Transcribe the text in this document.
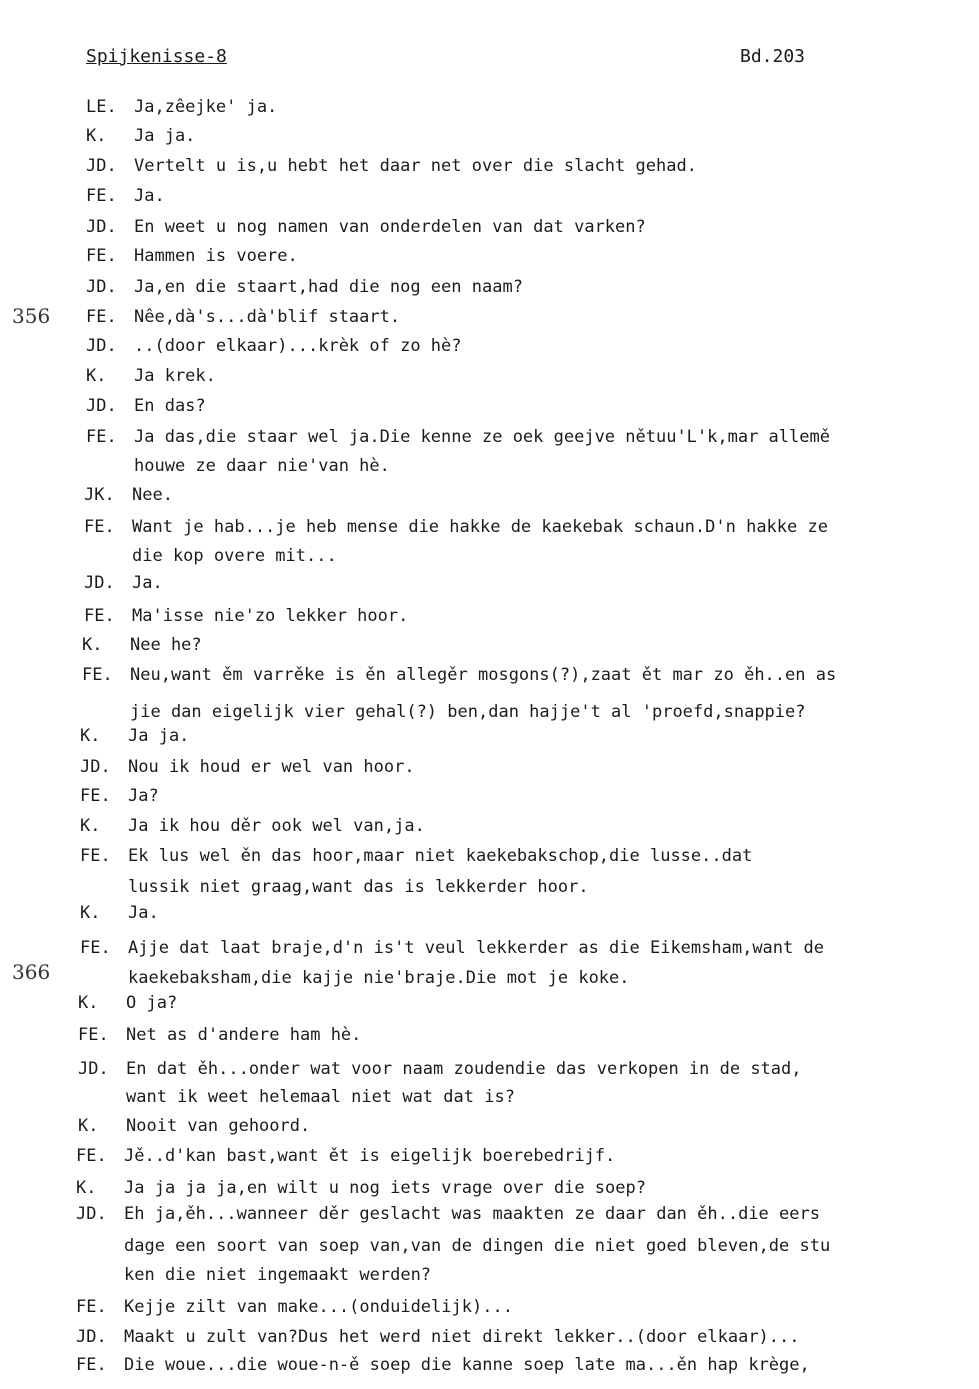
Spijkenisse-8	Bd.203
356
366
LE. Ja,zêejke' ja.
K. Ja ja.
JD. Vertelt u is,u hebt het daar net over die slacht gehad.
FE. Ja.
JD. En weet u nog namen van onderdelen van dat varken?
FE. Hammen is voere.
JD. Ja,en die staart,had die nog een naam?
FE. Nêe,dà's...dà'blif staart.
JD. ..(door elkaar)...krèk of zo hè?
K. Ja krek.
JD. En das?
FE. Ja das,die staar wel ja.Die kenne ze oek geejve nětuu'L'k,mar allemě
houwe ze daar nie'van hè.
JK. Nee.
FE. Want je hab...je heb mense die hakke de kaekebak schaun.D'n hakke ze
die kop overe mit...
JD. Ja.
FE. Ma'isse nie'zo lekker hoor.
K. Nee he?
FE. Neu,want ěm varrěke is ěn allegěr mosgons(?),zaat ět mar zo ěh..en as
jie dan eigelijk vier gehal(?) ben,dan hajje't al 'proefd,snappie?
K. Ja ja.
JD. Nou ik houd er wel van hoor.
FE. Ja?
K. Ja ik hou děr ook wel van,ja.
FE. Ek lus wel ěn das hoor,maar niet kaekebakschop,die lusse..dat
lussik niet graag,want das is lekkerder hoor.
K. Ja.
FE. Ajje dat laat braje,d'n is't veul lekkerder as die Eikemsham,want de
kaekebaksham,die kajje nie'braje.Die mot je koke.
K. O ja?
FE. Net as d'andere ham hè.
JD. En dat ěh...onder wat voor naam zoudendie das verkopen in de stad,
want ik weet helemaal niet wat dat is?
K. Nooit van gehoord.
FE. Jě..d'kan bast,want ět is eigelijk boerebedrijf.
K. Ja ja ja ja,en wilt u nog iets vrage over die soep?
JD. Eh ja,ěh...wanneer děr geslacht was maakten ze daar dan ěh..die eers
dage een soort van soep van,van de dingen die niet goed bleven,de stu
ken die niet ingemaakt werden?
FE. Kejje zilt van make...(onduidelijk)...
JD. Maakt u zult van?Dus het werd niet direkt lekker..(door elkaar)...
FE. Die woue...die woue-n-ě soep die kanne soep late ma...ěn hap krège,
